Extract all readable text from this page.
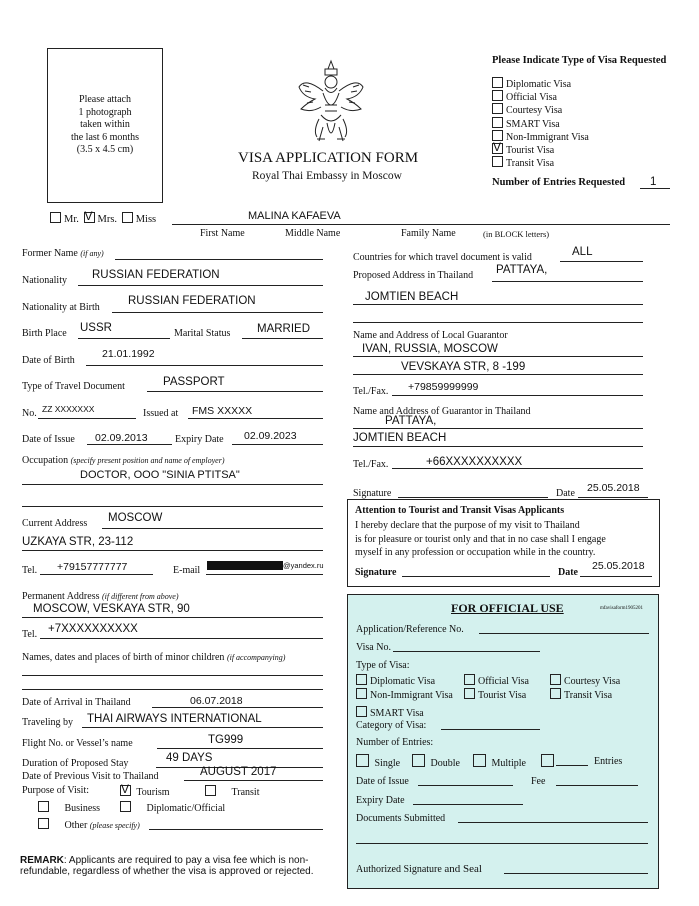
Please attach
1 photograph
taken within
the last 6 months
(3.5 x 4.5 cm)
VISA APPLICATION FORM
Royal Thai Embassy in Moscow
Please Indicate Type of Visa Requested
Diplomatic Visa
Official Visa
Courtesy Visa
SMART Visa
Non-Immigrant Visa
VTourist Visa
Transit Visa
Number of Entries Requested 1
Mr. V Mrs. Miss	MALINA KAFAEVA
First Name	Middle Name	Family Name	(in BLOCK letters)
Former Name (if any)
Nationality RUSSIAN FEDERATION
Nationality at Birth
RUSSIAN FEDERATION
Birth Place USSR	Marital Status MARRIED
Date of Birth
21.01.1992
Type of Travel Document	PASSPORT
No. ZZ XXXXXXX	Issued at FMS XXXXX
Date of Issue 02.09.2013	Expiry Date 02.09.2023
Occupation (specify present position and name of employer)
DOCTOR, OOO "SINIA PTITSA"
Current Address MOSCOW
UZKAYA STR, 23-112
Tel. +79157777777	E-mail	@yandex.ru
Permanent Address (if different from above)
MOSCOW, VESKAYA STR, 90
Tel. +7XXXXXXXXXX
Names, dates and places of birth of minor children (if accompanying)
Date of Arrival in Thailand	06.07.2018
Traveling by THAI AIRWAYS INTERNATIONAL
Flight No. or Vessel’s name	TG999
Duration of Proposed Stay	49 DAYS
Date of Previous Visit to Thailand	AUGUST 2017
Purpose of Visit: V	Tourism	Transit
Business	Diplomatic/Official
Other (please specify)
REMARK: Applicants are required to pay a visa fee which is non-
refundable, regardless of whether the visa is approved or rejected.
Countries for which travel document is valid	ALL
Proposed Address in Thailand PATTAYA,
JOMTIEN BEACH
Name and Address of Local Guarantor
IVAN, RUSSIA, MOSCOW
VEVSKAYA STR, 8 -199
Tel./Fax. +79859999999
Name and Address of Guarantor in Thailand
PATTAYA,
JOMTIEN BEACH
Tel./Fax.	+66XXXXXXXXXX
Signature	Date 25.05.2018
Attention to Tourist and Transit Visas Applicants
I hereby declare that the purpose of my visit to Thailand
is for pleasure or tourist only and that in no case shall I engage
myself in any profession or occupation while in the country.
Signature	Date
25.05.2018
FOR OFFICIAL USE	mfavisaform1905201
Application/Reference No.
Visa No.
Type of Visa:
Diplomatic Visa	Official Visa	Courtesy Visa
Non-Immigrant Visa	Tourist Visa	Transit Visa
SMART Visa
Category of Visa:
Number of Entries:
Single	Double	Multiple	Entries
Date of Issue	Fee
Expiry Date
Documents Submitted
Authorized Signature and Seal
